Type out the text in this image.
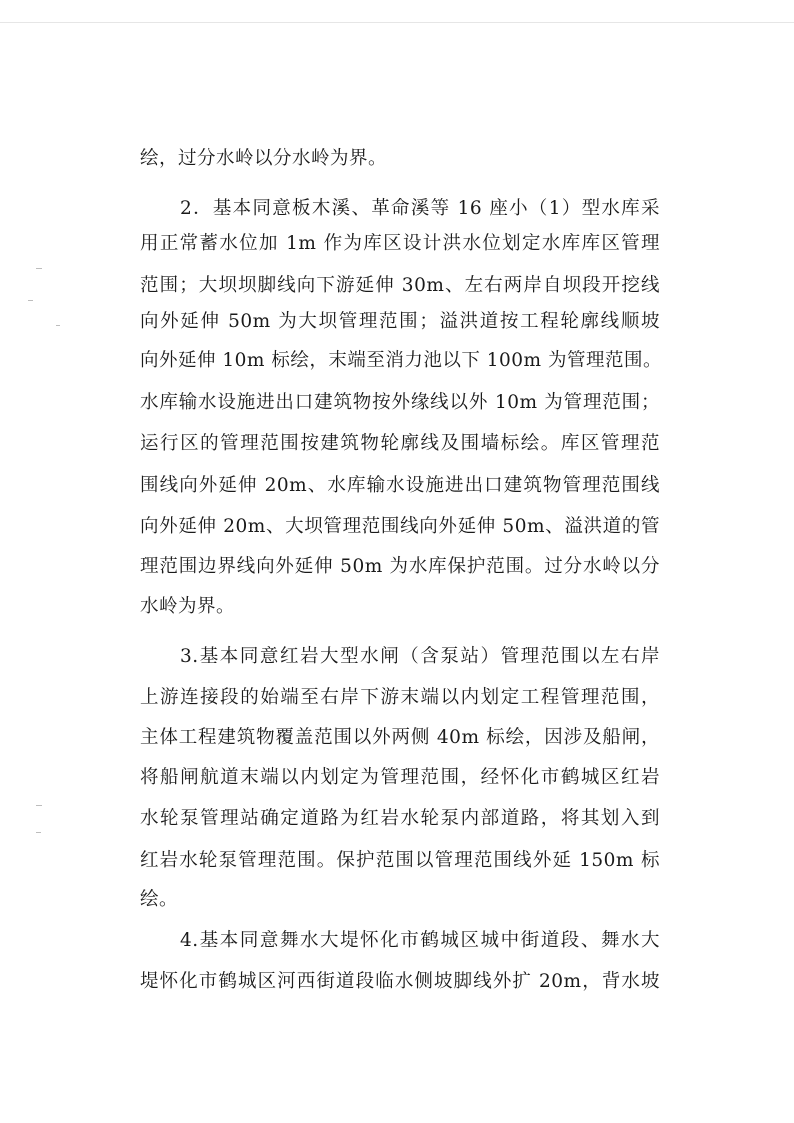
绘，过分水岭以分水岭为界。
2．基本同意板木溪、革命溪等 16 座小（1）型水库采
用正常蓄水位加 1m 作为库区设计洪水位划定水库库区管理
范围；大坝坝脚线向下游延伸 30m、左右两岸自坝段开挖线
向外延伸 50m 为大坝管理范围；溢洪道按工程轮廓线顺坡
向外延伸 10m 标绘，末端至消力池以下 100m 为管理范围。
水库输水设施进出口建筑物按外缘线以外 10m 为管理范围；
运行区的管理范围按建筑物轮廓线及围墙标绘。库区管理范
围线向外延伸 20m、水库输水设施进出口建筑物管理范围线
向外延伸 20m、大坝管理范围线向外延伸 50m、溢洪道的管
理范围边界线向外延伸 50m 为水库保护范围。过分水岭以分
水岭为界。
3.基本同意红岩大型水闸（含泵站）管理范围以左右岸
上游连接段的始端至右岸下游末端以内划定工程管理范围，
主体工程建筑物覆盖范围以外两侧 40m 标绘，因涉及船闸，
将船闸航道末端以内划定为管理范围，经怀化市鹤城区红岩
水轮泵管理站确定道路为红岩水轮泵内部道路，将其划入到
红岩水轮泵管理范围。保护范围以管理范围线外延 150m 标
绘。
4.基本同意舞水大堤怀化市鹤城区城中街道段、舞水大
堤怀化市鹤城区河西街道段临水侧坡脚线外扩 20m，背水坡
